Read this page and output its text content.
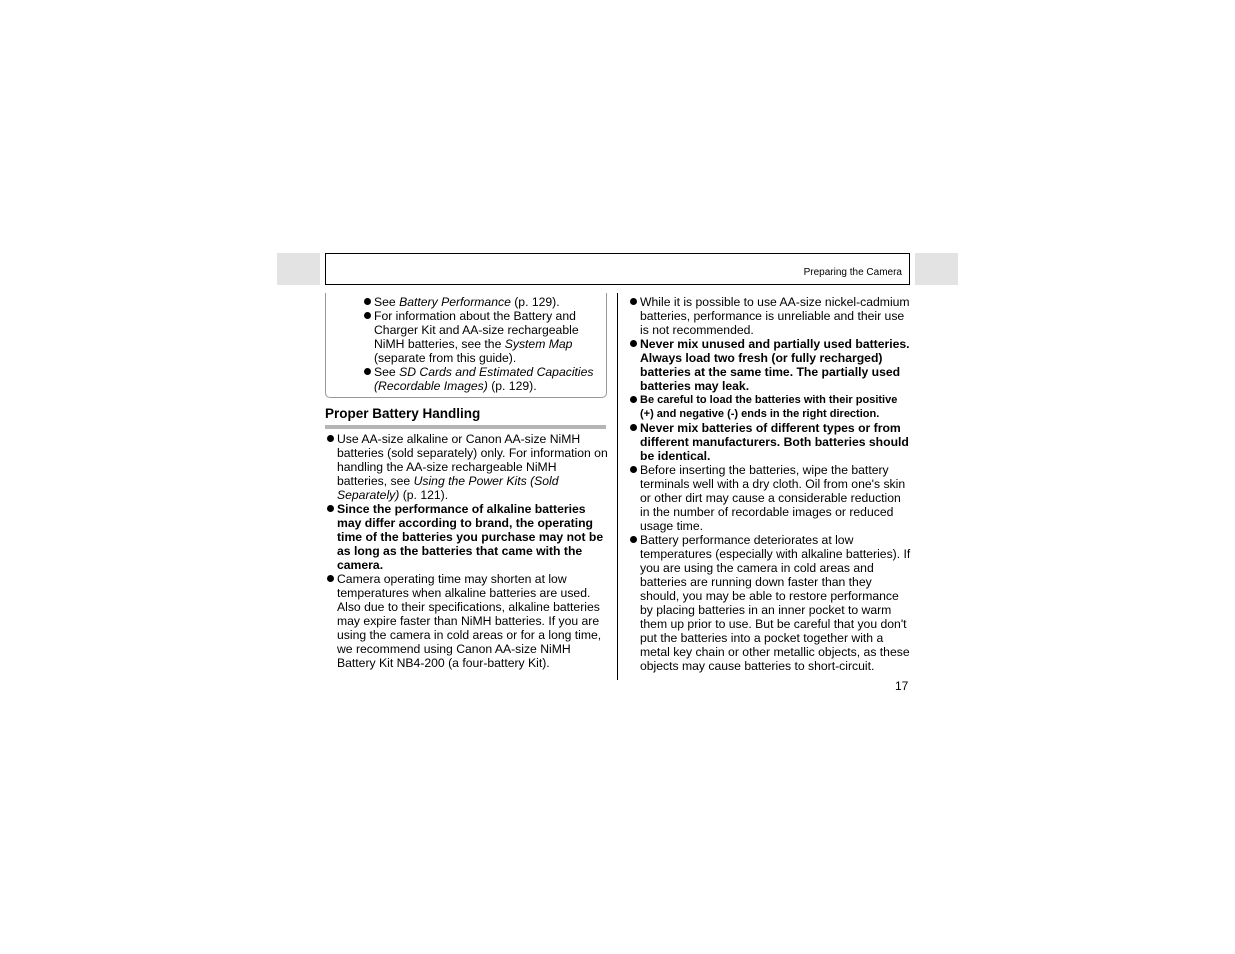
Preparing the Camera
See Battery Performance (p. 129).
For information about the Battery and Charger Kit and AA-size rechargeable NiMH batteries, see the System Map (separate from this guide).
See SD Cards and Estimated Capacities (Recordable Images) (p. 129).
Proper Battery Handling
Use AA-size alkaline or Canon AA-size NiMH batteries (sold separately) only. For information on handling the AA-size rechargeable NiMH batteries, see Using the Power Kits (Sold Separately) (p. 121).
Since the performance of alkaline batteries may differ according to brand, the operating time of the batteries you purchase may not be as long as the batteries that came with the camera.
Camera operating time may shorten at low temperatures when alkaline batteries are used. Also due to their specifications, alkaline batteries may expire faster than NiMH batteries. If you are using the camera in cold areas or for a long time, we recommend using Canon AA-size NiMH Battery Kit NB4-200 (a four-battery Kit).
While it is possible to use AA-size nickel-cadmium batteries, performance is unreliable and their use is not recommended.
Never mix unused and partially used batteries. Always load two fresh (or fully recharged) batteries at the same time. The partially used batteries may leak.
Be careful to load the batteries with their positive (+) and negative (-) ends in the right direction.
Never mix batteries of different types or from different manufacturers. Both batteries should be identical.
Before inserting the batteries, wipe the battery terminals well with a dry cloth. Oil from one's skin or other dirt may cause a considerable reduction in the number of recordable images or reduced usage time.
Battery performance deteriorates at low temperatures (especially with alkaline batteries). If you are using the camera in cold areas and batteries are running down faster than they should, you may be able to restore performance by placing batteries in an inner pocket to warm them up prior to use. But be careful that you don't put the batteries into a pocket together with a metal key chain or other metallic objects, as these objects may cause batteries to short-circuit.
17
